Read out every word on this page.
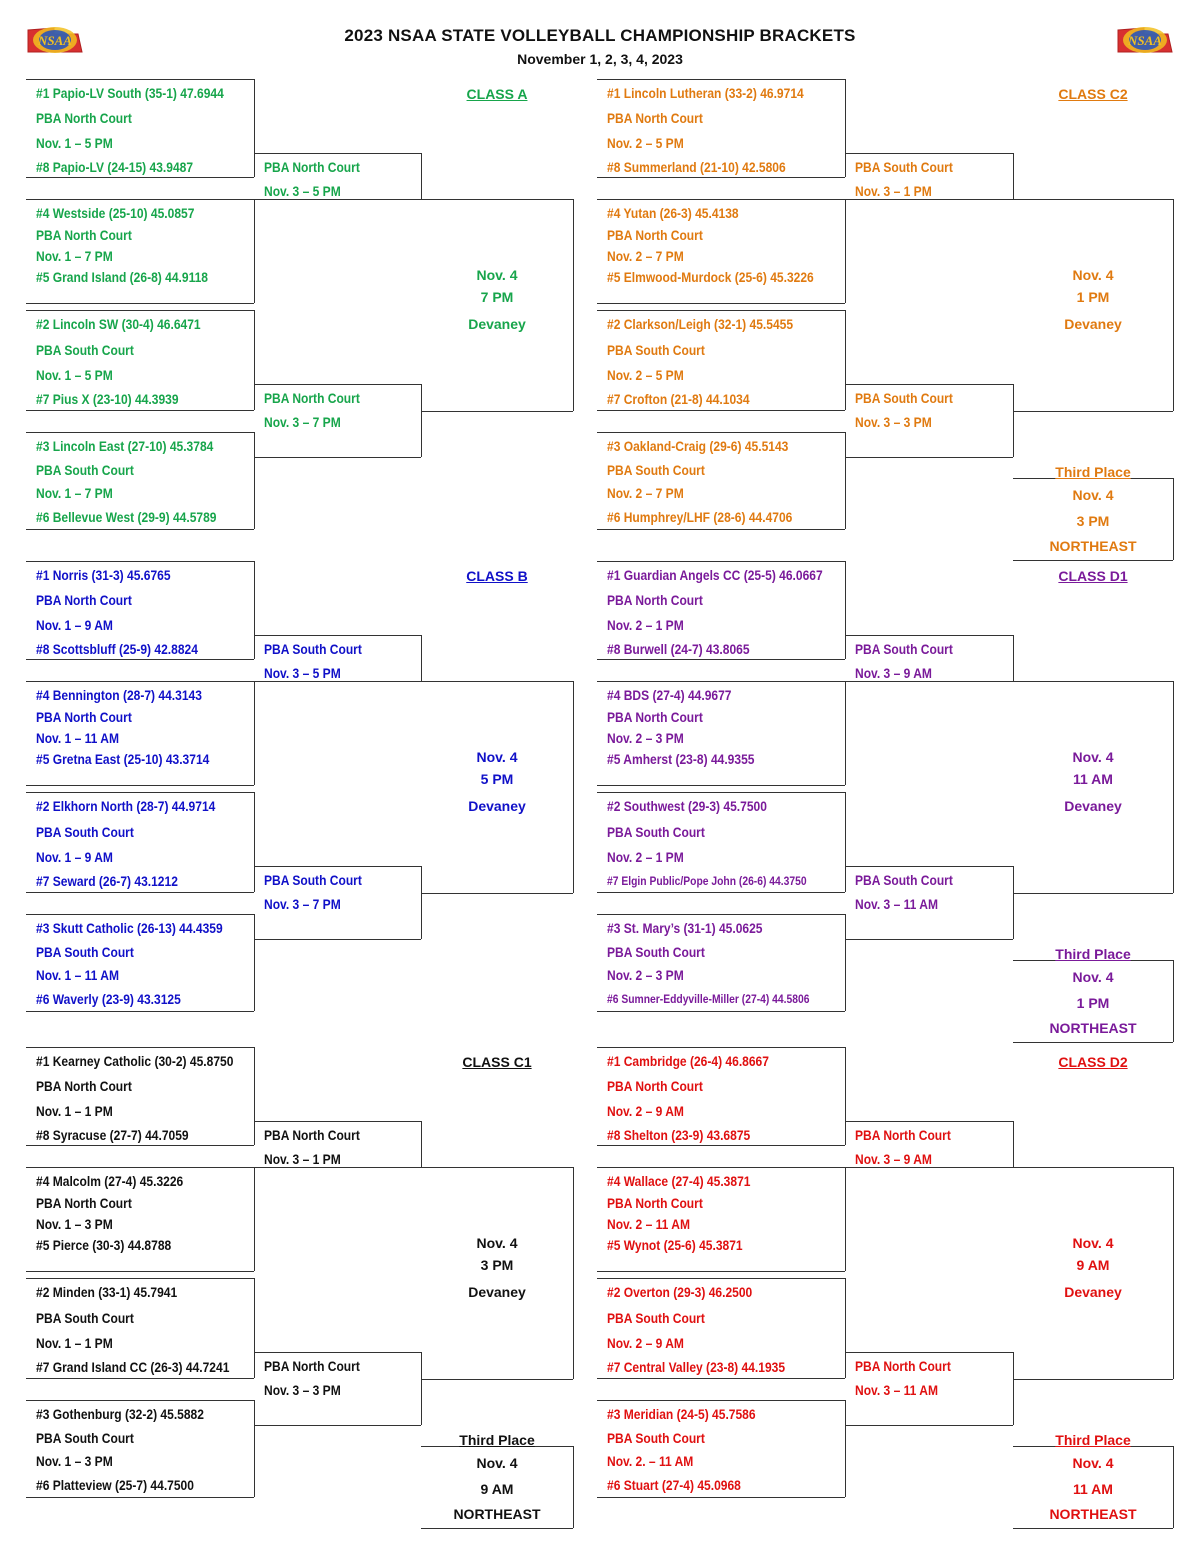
2023 NSAA STATE VOLLEYBALL CHAMPIONSHIP BRACKETS
November 1, 2, 3, 4, 2023
NSAA	NSAA
#1 Papio-LV South (35-1) 47.6944
PBA North Court
Nov. 1 – 5 PM
#8 Papio-LV (24-15) 43.9487
#4 Westside (25-10) 45.0857
PBA North Court
Nov. 1 – 7 PM
#5 Grand Island (26-8) 44.9118
#2 Lincoln SW (30-4) 46.6471
PBA South Court
Nov. 1 – 5 PM
#7 Pius X (23-10) 44.3939
#3 Lincoln East (27-10) 45.3784
PBA South Court
Nov. 1 – 7 PM
#6 Bellevue West (29-9) 44.5789
PBA North Court
Nov. 3 – 5 PM
PBA North Court
Nov. 3 – 7 PM
CLASS A
Nov. 4
7 PM
Devaney
#1 Norris (31-3) 45.6765
PBA North Court
Nov. 1 – 9 AM
#8 Scottsbluff (25-9) 42.8824
#4 Bennington (28-7) 44.3143
PBA North Court
Nov. 1 – 11 AM
#5 Gretna East (25-10) 43.3714
#2 Elkhorn North (28-7) 44.9714
PBA South Court
Nov. 1 – 9 AM
#7 Seward (26-7) 43.1212
#3 Skutt Catholic (26-13) 44.4359
PBA South Court
Nov. 1 – 11 AM
#6 Waverly (23-9) 43.3125
PBA South Court
Nov. 3 – 5 PM
PBA South Court
Nov. 3 – 7 PM
CLASS B
Nov. 4
5 PM
Devaney
#1 Kearney Catholic (30-2) 45.8750
PBA North Court
Nov. 1 – 1 PM
#8 Syracuse (27-7) 44.7059
#4 Malcolm (27-4) 45.3226
PBA North Court
Nov. 1 – 3 PM
#5 Pierce (30-3) 44.8788
#2 Minden (33-1) 45.7941
PBA South Court
Nov. 1 – 1 PM
#7 Grand Island CC (26-3) 44.7241
#3 Gothenburg (32-2) 45.5882
PBA South Court
Nov. 1 – 3 PM
#6 Platteview (25-7) 44.7500
PBA North Court
Nov. 3 – 1 PM
PBA North Court
Nov. 3 – 3 PM
CLASS C1
Nov. 4
3 PM
Devaney
Third Place
Nov. 4
9 AM
NORTHEAST
#1 Lincoln Lutheran (33-2) 46.9714
PBA North Court
Nov. 2 – 5 PM
#8 Summerland (21-10) 42.5806
#4 Yutan (26-3) 45.4138
PBA North Court
Nov. 2 – 7 PM
#5 Elmwood-Murdock (25-6) 45.3226
#2 Clarkson/Leigh (32-1) 45.5455
PBA South Court
Nov. 2 – 5 PM
#7 Crofton (21-8) 44.1034
#3 Oakland-Craig (29-6) 45.5143
PBA South Court
Nov. 2 – 7 PM
#6 Humphrey/LHF (28-6) 44.4706
PBA South Court
Nov. 3 – 1 PM
PBA South Court
Nov. 3 – 3 PM
CLASS C2
Nov. 4
1 PM
Devaney
Third Place
Nov. 4
3 PM
NORTHEAST
#1 Guardian Angels CC (25-5) 46.0667
PBA North Court
Nov. 2 – 1 PM
#8 Burwell (24-7) 43.8065
#4 BDS (27-4) 44.9677
PBA North Court
Nov. 2 – 3 PM
#5 Amherst (23-8) 44.9355
#2 Southwest (29-3) 45.7500
PBA South Court
Nov. 2 – 1 PM
#7 Elgin Public/Pope John (26-6) 44.3750
#3 St. Mary’s (31-1) 45.0625
PBA South Court
Nov. 2 – 3 PM
#6 Sumner-Eddyville-Miller (27-4) 44.5806
PBA South Court
Nov. 3 – 9 AM
PBA South Court
Nov. 3 – 11 AM
CLASS D1
Nov. 4
11 AM
Devaney
Third Place
Nov. 4
1 PM
NORTHEAST
#1 Cambridge (26-4) 46.8667
PBA North Court
Nov. 2 – 9 AM
#8 Shelton (23-9) 43.6875
#4 Wallace (27-4) 45.3871
PBA North Court
Nov. 2 – 11 AM
#5 Wynot (25-6) 45.3871
#2 Overton (29-3) 46.2500
PBA South Court
Nov. 2 – 9 AM
#7 Central Valley (23-8) 44.1935
#3 Meridian (24-5) 45.7586
PBA South Court
Nov. 2. – 11 AM
#6 Stuart (27-4) 45.0968
PBA North Court
Nov. 3 – 9 AM
PBA North Court
Nov. 3 – 11 AM
CLASS D2
Nov. 4
9 AM
Devaney
Third Place
Nov. 4
11 AM
NORTHEAST
